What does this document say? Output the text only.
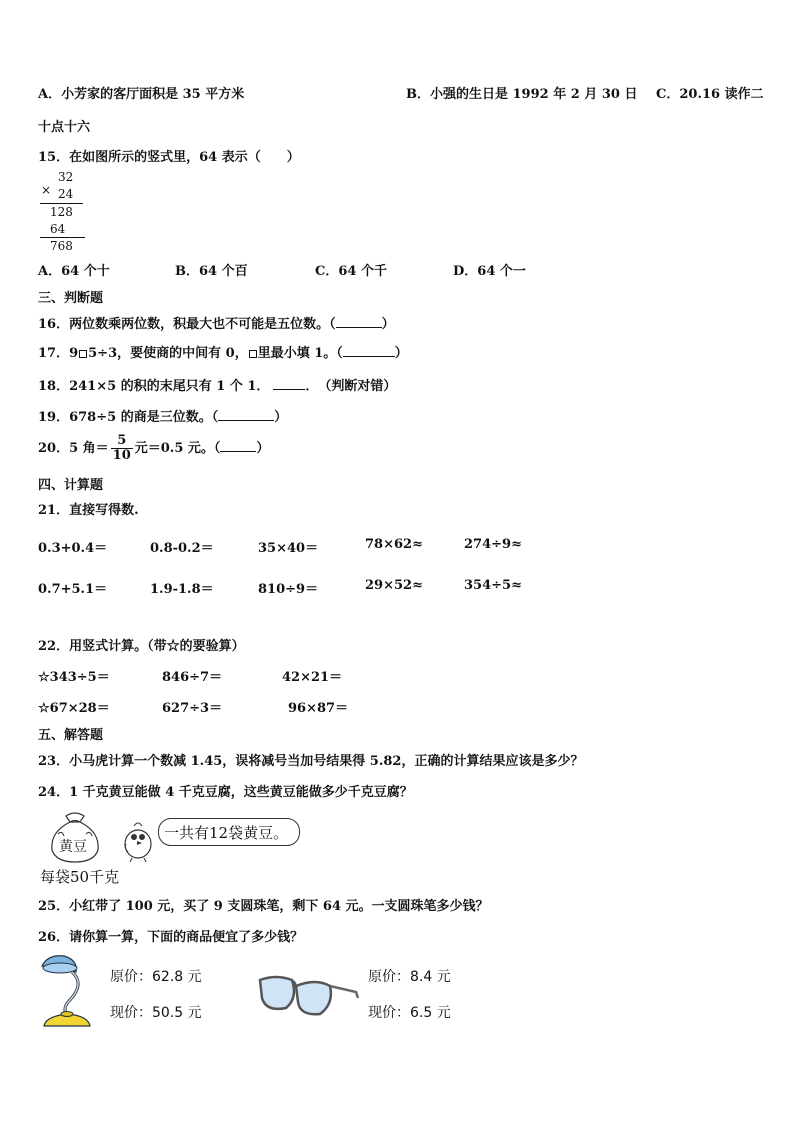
A．小芳家的客厅面积是 35 平方米	B．小强的生日是 1992 年 2 月 30 日 C．20.16 读作二
十点十六
15．在如图所示的竖式里，64 表示（　　）
32
× 24
128
64
768
A．64 个十	B．64 个百	C．64 个千	D．64 个一
三、判断题
16．两位数乘两位数，积最大也不可能是五位数。（	）
17．9 5÷3，要使商的中间有 0， 里最小填 1。（	）
18．241×5 的积的末尾只有 1 个 1．	．　（判断对错）
19．678÷5 的商是三位数。（	）
20．5 角＝ $\frac{5}{10}$ 元＝0.5 元。（	）
四、计算题
21．直接写得数.
0.3+0.4＝	0.8-0.2＝	35×40＝	78×62≈	274÷9≈
0.7+5.1＝	1.9-1.8＝	810÷9＝	29×52≈	354÷5≈
22．用竖式计算。（带☆的要验算）
☆343÷5＝	846÷7＝	42×21＝
☆67×28＝	627÷3＝	96×87＝
五、解答题
23．小马虎计算一个数减 1.45，误将减号当加号结果得 5.82，正确的计算结果应该是多少？
24．1 千克黄豆能做 4 千克豆腐，这些黄豆能做多少千克豆腐？
黄豆
一共有12袋黄豆。
每袋50千克
25．小红带了 100 元，买了 9 支圆珠笔，剩下 64 元。一支圆珠笔多少钱？
26．请你算一算，下面的商品便宜了多少钱？
原价：62.8 元
现价：50.5 元
原价：8.4 元
现价：6.5 元
